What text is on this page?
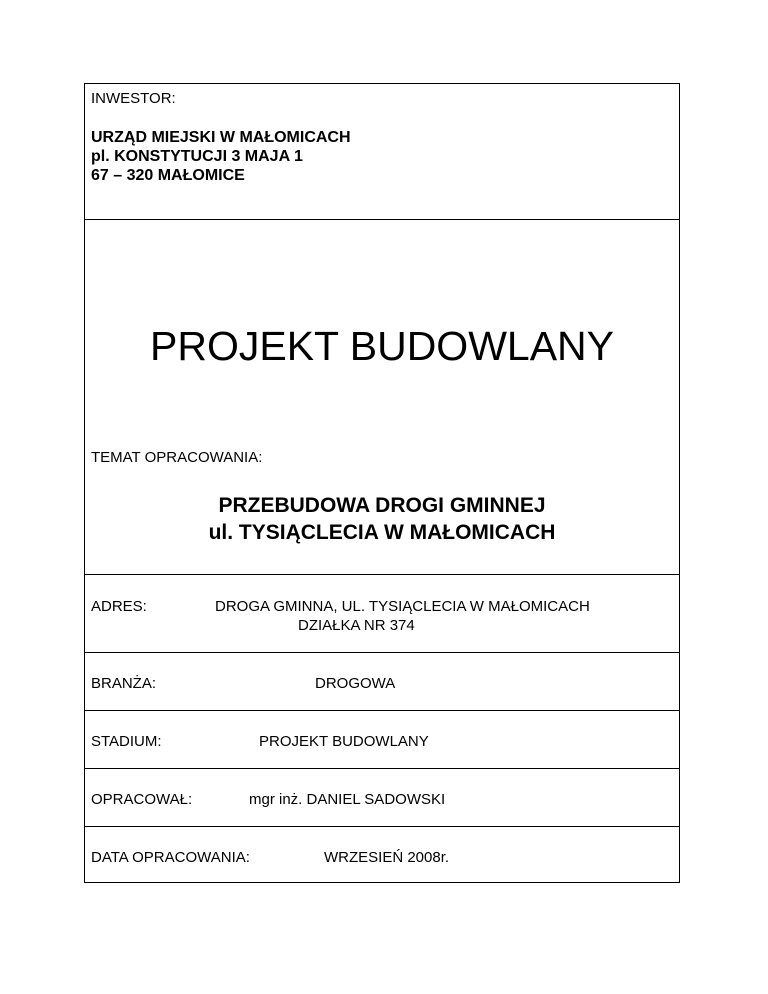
INWESTOR:
URZĄD MIEJSKI W MAŁOMICACH
pl. KONSTYTUCJI 3 MAJA 1
67 – 320 MAŁOMICE
PROJEKT BUDOWLANY
TEMAT OPRACOWANIA:
PRZEBUDOWA DROGI GMINNEJ
ul. TYSIĄCLECIA W MAŁOMICACH
ADRES:	DROGA GMINNA, UL. TYSIĄCLECIA W MAŁOMICACH
DZIAŁKA NR 374
BRANŻA:	DROGOWA
STADIUM:	PROJEKT BUDOWLANY
OPRACOWAŁ:	mgr inż. DANIEL SADOWSKI
DATA OPRACOWANIA:	WRZESIEŃ 2008r.
